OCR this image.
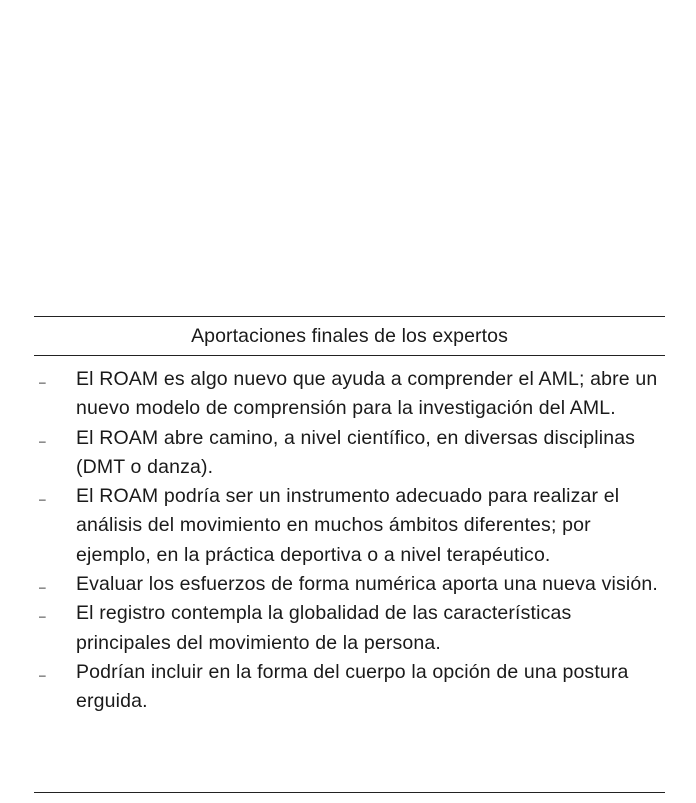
Aportaciones finales de los expertos
–	El ROAM es algo nuevo que ayuda a comprender el AML; abre un nuevo modelo de comprensión para la investigación del AML.
–	El ROAM abre camino, a nivel científico, en diversas disciplinas (DMT o danza).
–	El ROAM podría ser un instrumento adecuado para realizar el análisis del movimiento en muchos ámbitos diferentes; por ejemplo, en la práctica deportiva o a nivel terapéutico.
–	Evaluar los esfuerzos de forma numérica aporta una nueva visión.
–	El registro contempla la globalidad de las características principales del movimiento de la persona.
–	Podrían incluir en la forma del cuerpo la opción de una postura erguida.
